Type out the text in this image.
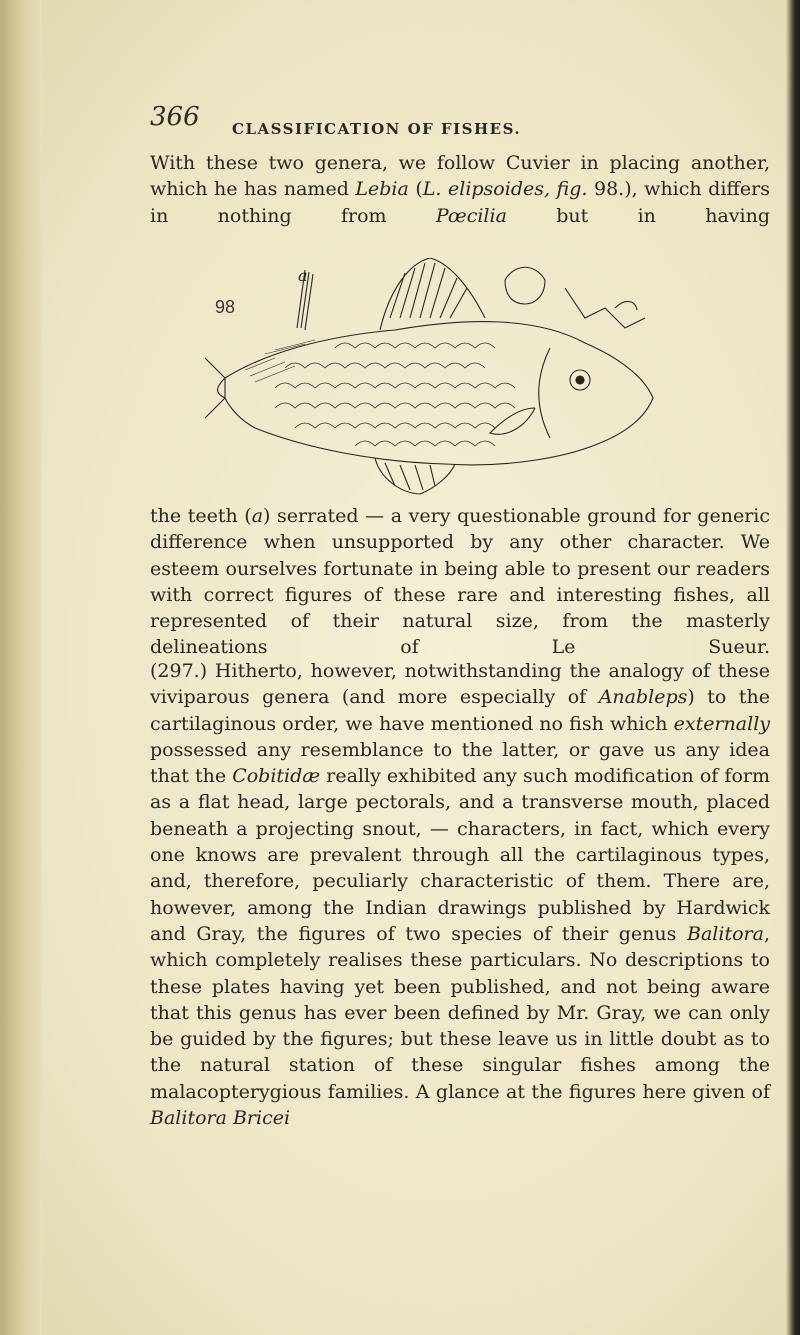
366 CLASSIFICATION OF FISHES.
With these two genera, we follow Cuvier in placing another, which he has named Lebia (L. elipsoides, fig. 98.), which differs in nothing from Pœcilia but in having
98
a
the teeth (a) serrated — a very questionable ground for generic difference when unsupported by any other character. We esteem ourselves fortunate in being able to present our readers with correct figures of these rare and interesting fishes, all represented of their natural size, from the masterly delineations of Le Sueur.
(297.) Hitherto, however, notwithstanding the analogy of these viviparous genera (and more especially of Anableps) to the cartilaginous order, we have mentioned no fish which externally possessed any resemblance to the latter, or gave us any idea that the Cobitidæ really exhibited any such modification of form as a flat head, large pectorals, and a transverse mouth, placed beneath a projecting snout, — characters, in fact, which every one knows are prevalent through all the cartilaginous types, and, therefore, peculiarly characteristic of them. There are, however, among the Indian drawings published by Hardwick and Gray, the figures of two species of their genus Balitora, which completely realises these particulars. No descriptions to these plates having yet been published, and not being aware that this genus has ever been defined by Mr. Gray, we can only be guided by the figures; but these leave us in little doubt as to the natural station of these singular fishes among the malacopterygious families. A glance at the figures here given of Balitora Bricei
